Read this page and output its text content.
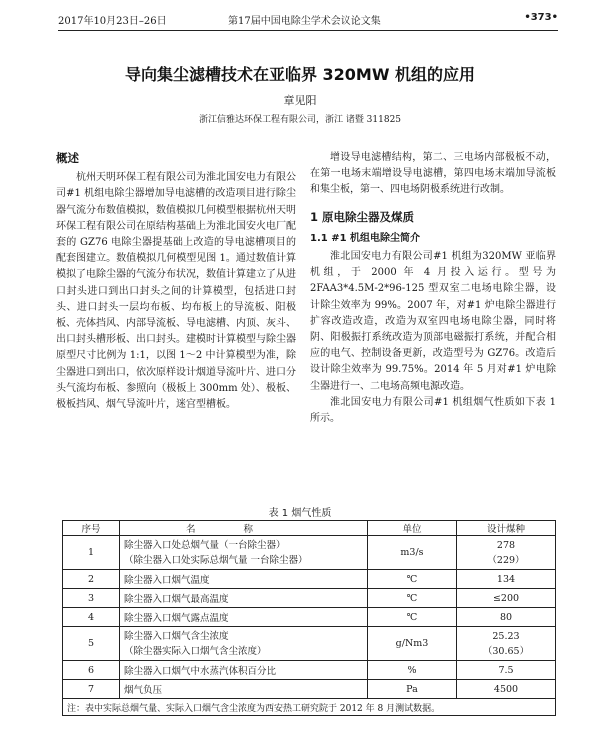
2017年10月23日–26日	第17届中国电除尘学术会议论文集	•373•
导向集尘滤槽技术在亚临界 320MW 机组的应用
章见阳
浙江信雅达环保工程有限公司，浙江 诸暨 311825
概述

杭州天明环保工程有限公司为淮北国安电力有限公司#1 机组电除尘器增加导电滤槽的改造项目进行除尘器气流分布数值模拟，数值模拟几何模型根据杭州天明环保工程有限公司在原结构基础上为淮北国安火电厂配套的 GZ76 电除尘器提基础上改造的导电滤槽项目的配套图建立。数值模拟几何模型见图 1。通过数值计算模拟了电除尘器的气流分布状况，数值计算建立了从进口封头进口到出口封头之间的计算模型，包括进口封头、进口封头一层均布板、均布板上的导流板、阳极板、壳体挡风、内部导流板、导电滤槽、内顶、灰斗、出口封头槽形板、出口封头。建模时计算模型与除尘器原型尺寸比例为 1:1，以图 1～2 中计算模型为准，除尘器进口到出口，依次原样设计烟道导流叶片、进口分头气流均布板、参照向（极板上 300mm 处）、极板、极板挡风、烟气导流叶片，迷宫型槽板。

增设导电滤槽结构，第二、三电场内部极板不动，在第一电场末端增设导电滤槽，第四电场末端加导流板和集尘板，第一、四电场阴极系统进行改制。

1 原电除尘器及煤质
1.1 #1 机组电除尘简介

淮北国安电力有限公司#1 机组为320MW 亚临界机组，于 2000 年 4 月投入运行。型号为 2FAA3*4.5M-2*96-125 型双室二电场电除尘器，设计除尘效率为 99%。2007 年，对#1 炉电除尘器进行扩容改造改造，改造为双室四电场电除尘器，同时将阴、阳极振打系统改造为顶部电磁振打系统，并配合相应的电气、控制设备更新，改造型号为 GZ76。改造后设计除尘效率为 99.75%。2014 年 5 月对#1 炉电除尘器进行一、二电场高频电源改造。

淮北国安电力有限公司#1 机组烟气性质如下表 1 所示。

表 1 烟气性质
序号	名称	单位	设计煤种
1	除尘器入口处总烟气量（一台除尘器）
（除尘器入口处实际总烟气量 一台除尘器）	m3/s	278
（229）

2	除尘器入口烟气温度	℃	134
3	除尘器入口烟气最高温度	℃	≤200
4	除尘器入口烟气露点温度	℃	80
5	除尘器入口烟气含尘浓度
（除尘器实际入口烟气含尘浓度）	g/Nm3	25.23
（30.65）

6	除尘器入口烟气中水蒸汽体积百分比	%	7.5
7	烟气负压	Pa	4500
注：表中实际总烟气量、实际入口烟气含尘浓度为西安热工研究院于 2012 年 8 月测试数据。			
